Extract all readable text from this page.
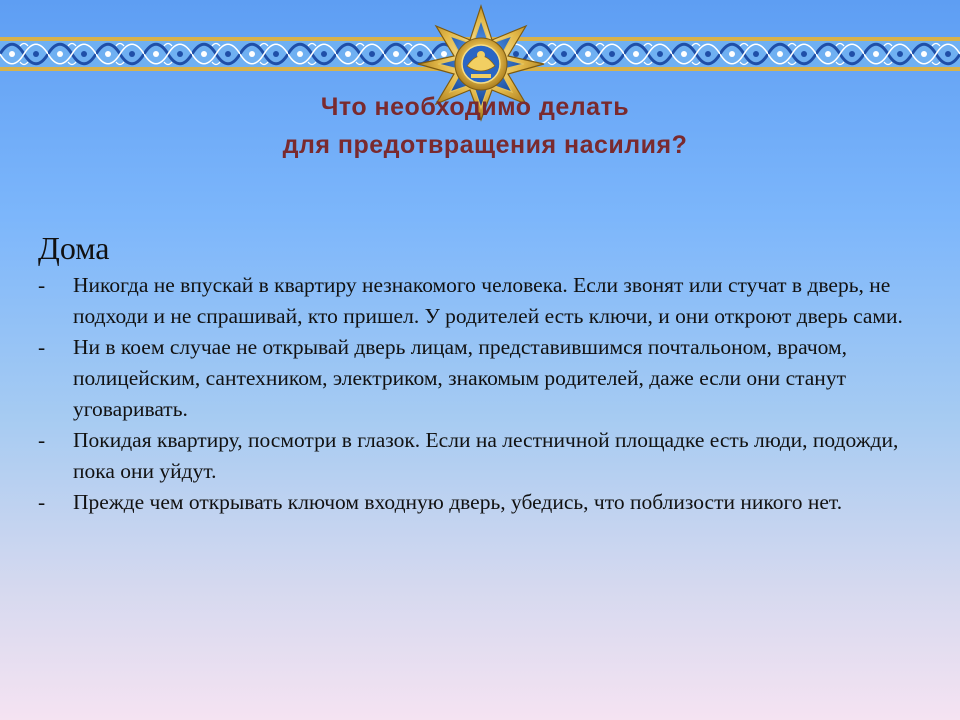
Что необходимо делать
для предотвращения насилия?
Дома
- Никогда не впускай в квартиру незнакомого человека. Если звонят или стучат в дверь, не подходи и не спрашивай, кто пришел. У родителей есть ключи, и они откроют дверь сами.
- Ни в коем случае не открывай дверь лицам, представившимся почтальоном, врачом, полицейским, сантехником, электриком, знакомым родителей, даже если они станут уговаривать.
- Покидая квартиру, посмотри в глазок. Если на лестничной площадке есть люди, подожди, пока они уйдут.
- Прежде чем открывать ключом входную дверь, убедись, что поблизости никого нет.
